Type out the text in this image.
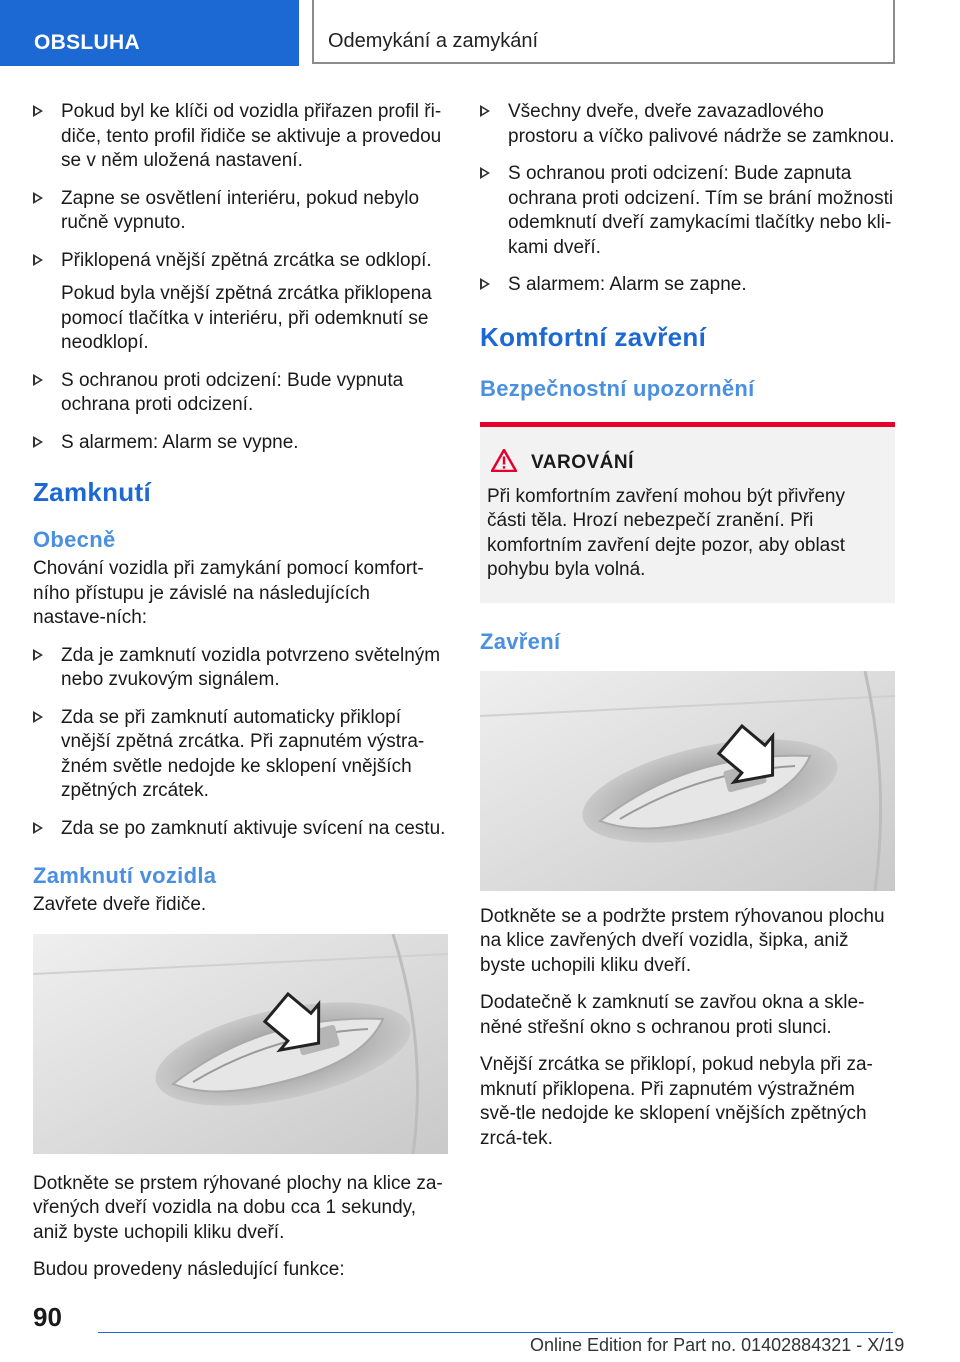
OBSLUHA	Odemykání a zamykání
Pokud byl ke klíči od vozidla přiřazen profil ři-diče, tento profil řidiče se aktivuje a provedou se v něm uložená nastavení.
Zapne se osvětlení interiéru, pokud nebylo ručně vypnuto.
Přiklopená vnější zpětná zrcátka se odklopí.

Pokud byla vnější zpětná zrcátka přiklopena pomocí tlačítka v interiéru, při odemknutí se neodklopí.

S ochranou proti odcizení: Bude vypnuta ochrana proti odcizení.
S alarmem: Alarm se vypne.
Zamknutí
Obecně

Chování vozidla při zamykání pomocí komfort-ního přístupu je závislé na následujících nastave-ních:

Zda je zamknutí vozidla potvrzeno světelným nebo zvukovým signálem.
Zda se při zamknutí automaticky přiklopí vnější zpětná zrcátka. Při zapnutém výstra-žném světle nedojde ke sklopení vnějších zpětných zrcátek.
Zda se po zamknutí aktivuje svícení na cestu.
Zamknutí vozidla

Zavřete dveře řidiče.

Dotkněte se prstem rýhované plochy na klice za-vřených dveří vozidla na dobu cca 1 sekundy, aniž byste uchopili kliku dveří.

Budou provedeny následující funkce:

Všechny dveře, dveře zavazadlového prostoru a víčko palivové nádrže se zamknou.
S ochranou proti odcizení: Bude zapnuta ochrana proti odcizení. Tím se brání možnosti odemknutí dveří zamykacími tlačítky nebo kli-kami dveří.
S alarmem: Alarm se zapne.
Komfortní zavření
Bezpečnostní upozornění
VAROVÁNÍ

Při komfortním zavření mohou být přivřeny části těla. Hrozí nebezpečí zranění. Při komfortním zavření dejte pozor, aby oblast pohybu byla volná.

Zavření

Dotkněte se a podržte prstem rýhovanou plochu na klice zavřených dveří vozidla, šipka, aniž byste uchopili kliku dveří.

Dodatečně k zamknutí se zavřou okna a skle-něné střešní okno s ochranou proti slunci.

Vnější zrcátka se přiklopí, pokud nebyla při za-mknutí přiklopena. Při zapnutém výstražném svě-tle nedojde ke sklopení vnějších zpětných zrcá-tek.

90
Online Edition for Part no. 01402884321 - X/19
